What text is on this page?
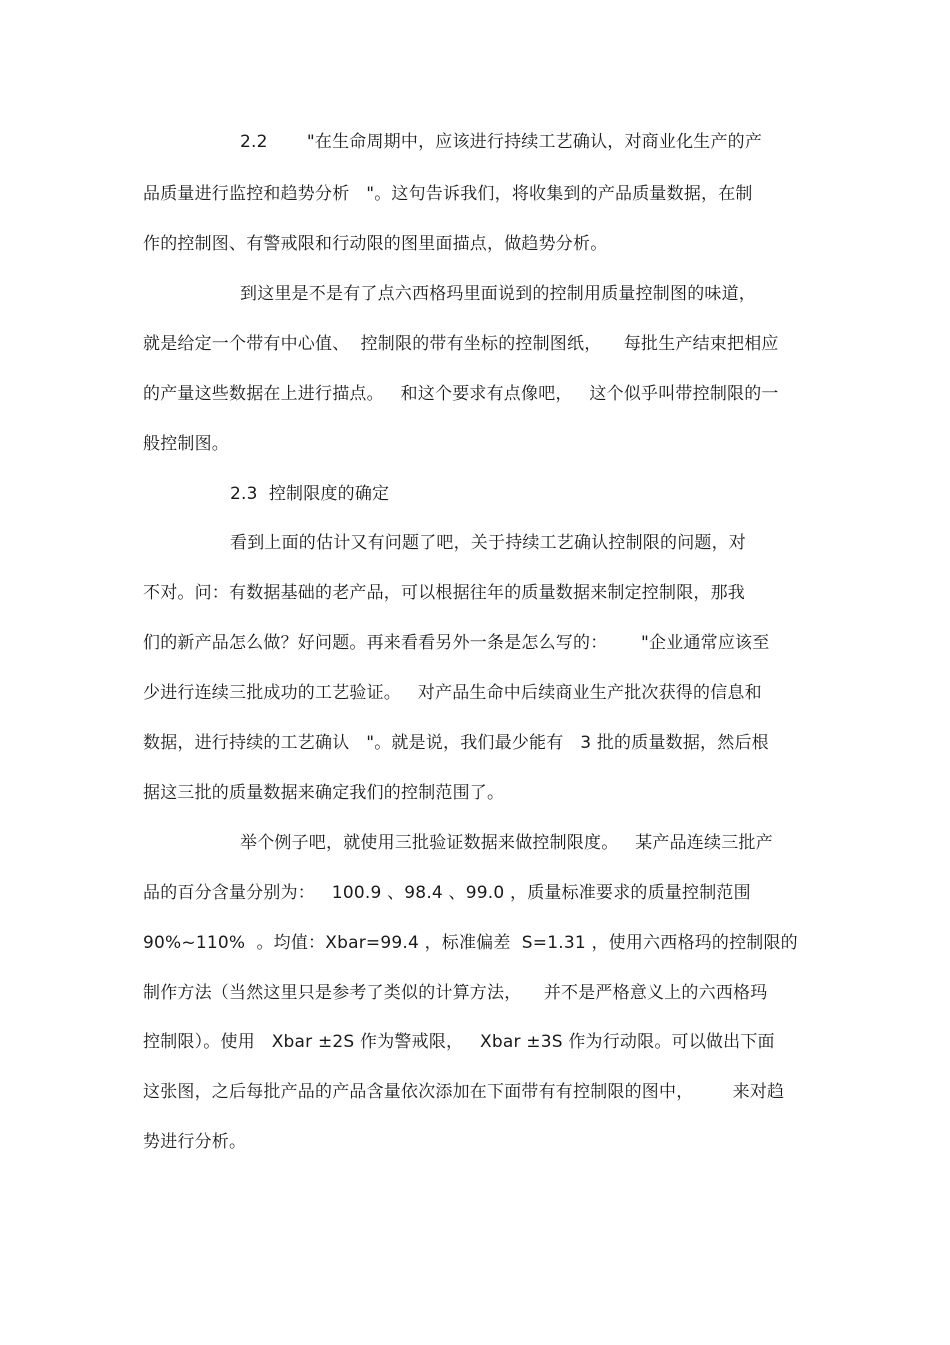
2.2       "在生命周期中，应该进行持续工艺确认，对商业化生产的产
品质量进行监控和趋势分析   "。这句告诉我们，将收集到的产品质量数据，在制
作的控制图、有警戒限和行动限的图里面描点，做趋势分析。
到这里是不是有了点六西格玛里面说到的控制用质量控制图的味道，
就是给定一个带有中心值、  控制限的带有坐标的控制图纸，    每批生产结束把相应
的产量这些数据在上进行描点。   和这个要求有点像吧，   这个似乎叫带控制限的一
般控制图。
2.3  控制限度的确定
看到上面的估计又有问题了吧，关于持续工艺确认控制限的问题，对
不对。问：有数据基础的老产品，可以根据往年的质量数据来制定控制限，那我
们的新产品怎么做？好问题。再来看看另外一条是怎么写的：      "企业通常应该至
少进行连续三批成功的工艺验证。   对产品生命中后续商业生产批次获得的信息和
数据，进行持续的工艺确认   "。就是说，我们最少能有   3 批的质量数据，然后根
据这三批的质量数据来确定我们的控制范围了。
举个例子吧，就使用三批验证数据来做控制限度。   某产品连续三批产
品的百分含量分别为：   100.9 、98.4 、99.0 ，质量标准要求的质量控制范围
90%~110%  。均值：Xbar=99.4 ，标准偏差  S=1.31 ，使用六西格玛的控制限的
制作方法（当然这里只是参考了类似的计算方法，    并不是严格意义上的六西格玛
控制限）。使用   Xbar ±2S 作为警戒限，   Xbar ±3S 作为行动限。可以做出下面
这张图，之后每批产品的产品含量依次添加在下面带有有控制限的图中，       来对趋
势进行分析。
